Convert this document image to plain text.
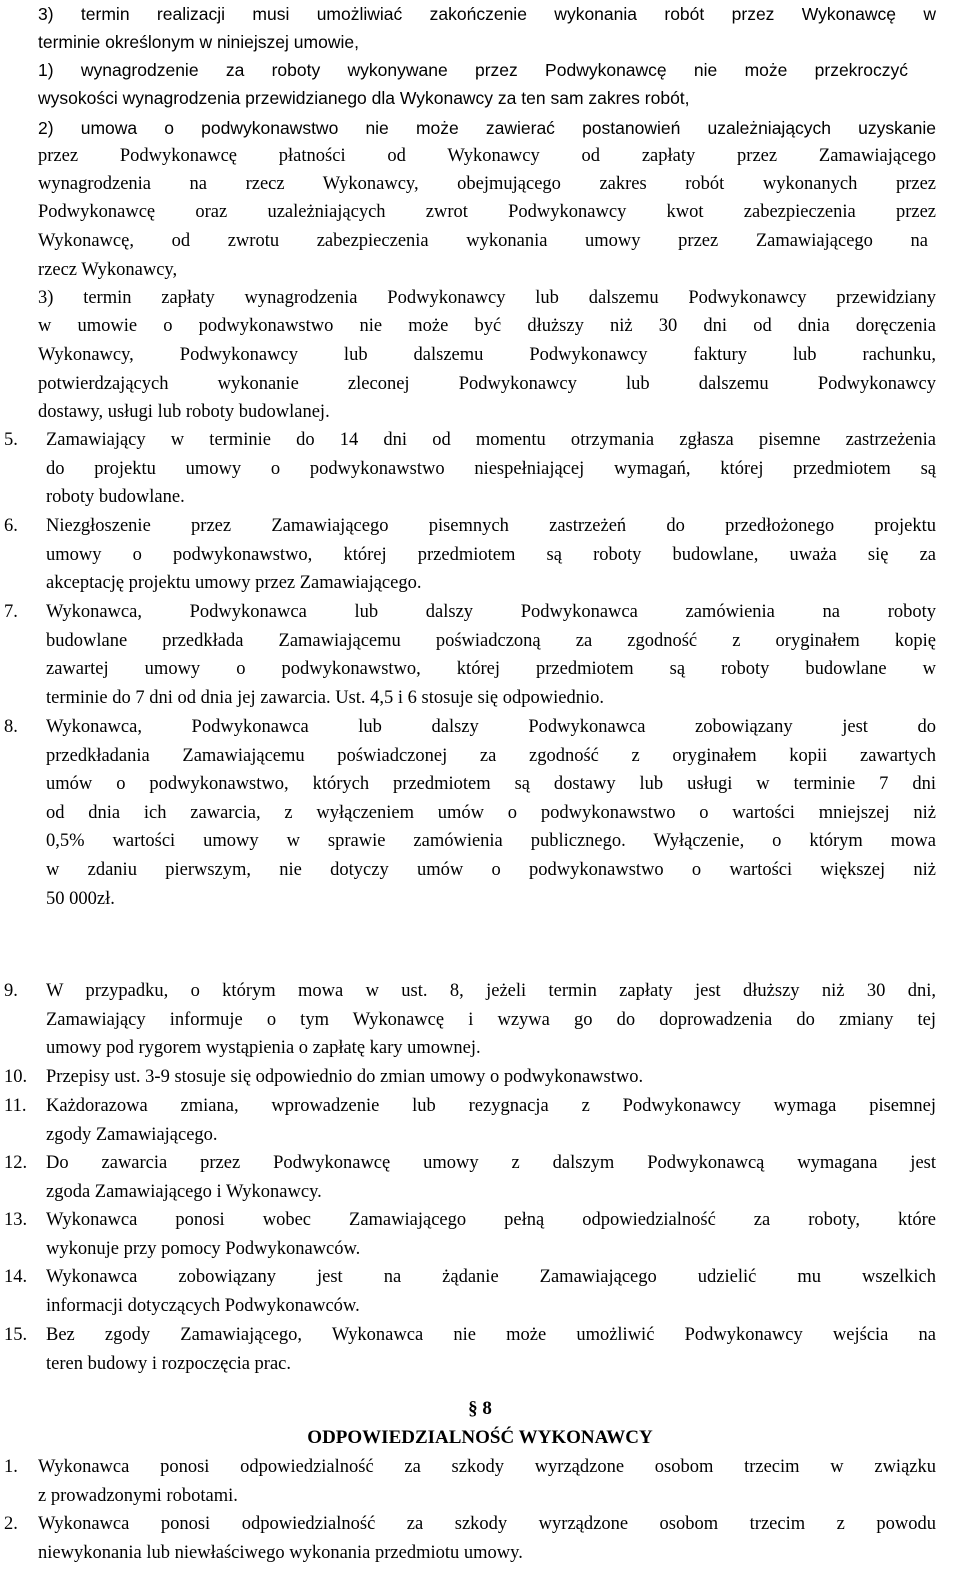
3) termin realizacji musi umożliwiać zakończenie wykonania robót przez Wykonawcę w
terminie określonym w niniejszej umowie,
1) wynagrodzenie za roboty wykonywane przez Podwykonawcę nie może przekroczyć
wysokości wynagrodzenia przewidzianego dla Wykonawcy za ten sam zakres robót,
2) umowa o podwykonawstwo nie może zawierać postanowień uzależniających uzyskanie
przez Podwykonawcę płatności od Wykonawcy od zapłaty przez Zamawiającego
wynagrodzenia na rzecz Wykonawcy, obejmującego zakres robót wykonanych przez
Podwykonawcę oraz uzależniających zwrot Podwykonawcy kwot zabezpieczenia przez
Wykonawcę, od zwrotu zabezpieczenia wykonania umowy przez Zamawiającego na
rzecz Wykonawcy,
3) termin zapłaty wynagrodzenia Podwykonawcy lub dalszemu Podwykonawcy przewidziany
w umowie o podwykonawstwo nie może być dłuższy niż 30 dni od dnia doręczenia
Wykonawcy, Podwykonawcy lub dalszemu Podwykonawcy faktury lub rachunku,
potwierdzających wykonanie zleconej Podwykonawcy lub dalszemu Podwykonawcy
dostawy, usługi lub roboty budowlanej.
5. Zamawiający w terminie do 14 dni od momentu otrzymania zgłasza pisemne zastrzeżenia
do projektu umowy o podwykonawstwo niespełniającej wymagań, której przedmiotem są
roboty budowlane.
6. Niezgłoszenie przez Zamawiającego pisemnych zastrzeżeń do przedłożonego projektu
umowy o podwykonawstwo, której przedmiotem są roboty budowlane, uważa się za
akceptację projektu umowy przez Zamawiającego.
7. Wykonawca, Podwykonawca lub dalszy Podwykonawca zamówienia na roboty
budowlane przedkłada Zamawiającemu poświadczoną za zgodność z oryginałem kopię
zawartej umowy o podwykonawstwo, której przedmiotem są roboty budowlane w
terminie do 7 dni od dnia jej zawarcia. Ust. 4,5 i 6 stosuje się odpowiednio.
8. Wykonawca, Podwykonawca lub dalszy Podwykonawca zobowiązany jest do
przedkładania Zamawiającemu poświadczonej za zgodność z oryginałem kopii zawartych
umów o podwykonawstwo, których przedmiotem są dostawy lub usługi w terminie 7 dni
od dnia ich zawarcia, z wyłączeniem umów o podwykonawstwo o wartości mniejszej niż
0,5% wartości umowy w sprawie zamówienia publicznego. Wyłączenie, o którym mowa
w zdaniu pierwszym, nie dotyczy umów o podwykonawstwo o wartości większej niż
50 000zł.
9. W przypadku, o którym mowa w ust. 8, jeżeli termin zapłaty jest dłuższy niż 30 dni,
Zamawiający informuje o tym Wykonawcę i wzywa go do doprowadzenia do zmiany tej
umowy pod rygorem wystąpienia o zapłatę kary umownej.
10. Przepisy ust. 3-9 stosuje się odpowiednio do zmian umowy o podwykonawstwo.
11. Każdorazowa zmiana, wprowadzenie lub rezygnacja z Podwykonawcy wymaga pisemnej
zgody Zamawiającego.
12. Do zawarcia przez Podwykonawcę umowy z dalszym Podwykonawcą wymagana jest
zgoda Zamawiającego i Wykonawcy.
13. Wykonawca ponosi wobec Zamawiającego pełną odpowiedzialność za roboty, które
wykonuje przy pomocy Podwykonawców.
14. Wykonawca zobowiązany jest na żądanie Zamawiającego udzielić mu wszelkich
informacji dotyczących Podwykonawców.
15. Bez zgody Zamawiającego, Wykonawca nie może umożliwić Podwykonawcy wejścia na
teren budowy i rozpoczęcia prac.
§ 8
ODPOWIEDZIALNOŚĆ WYKONAWCY
1. Wykonawca ponosi odpowiedzialność za szkody wyrządzone osobom trzecim w związku
z prowadzonymi robotami.
2. Wykonawca ponosi odpowiedzialność za szkody wyrządzone osobom trzecim z powodu
niewykonania lub niewłaściwego wykonania przedmiotu umowy.
